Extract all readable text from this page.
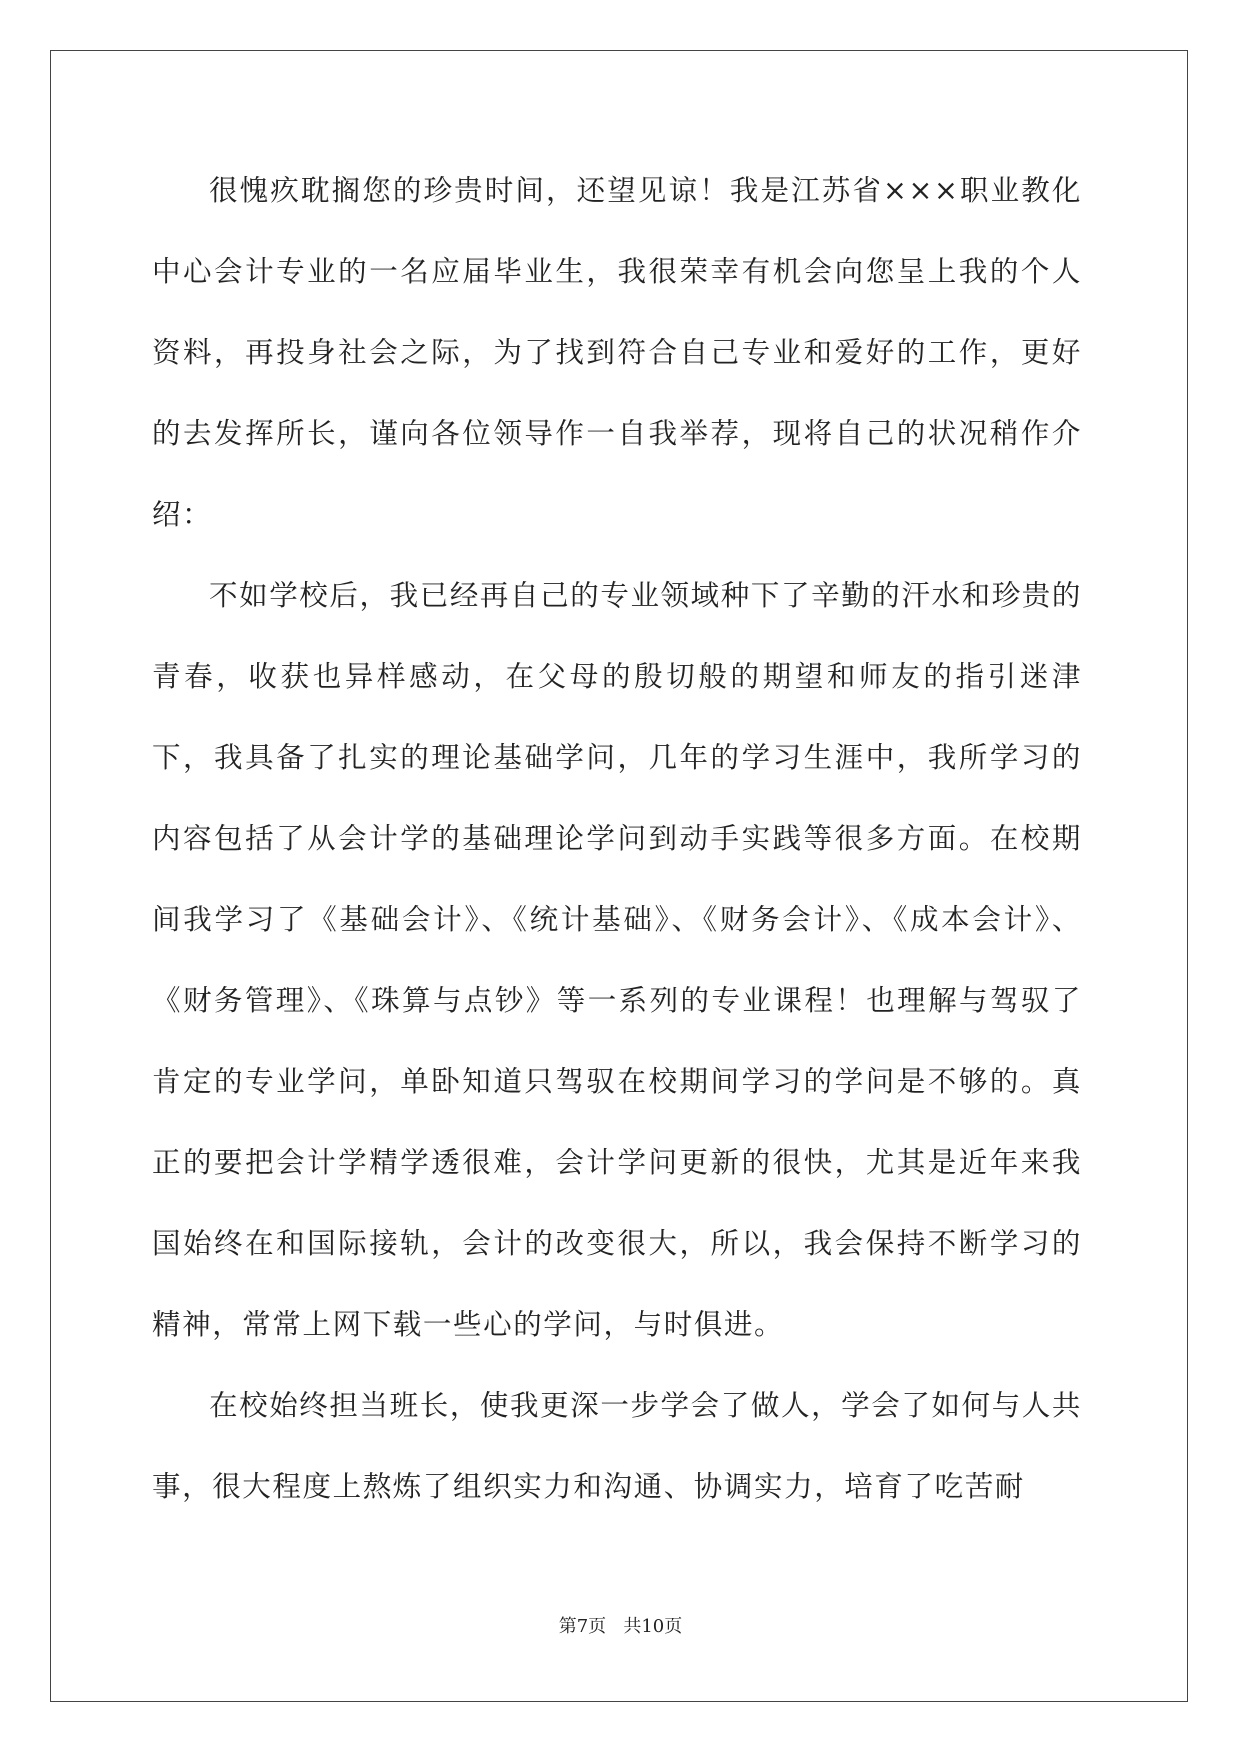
很愧疚耽搁您的珍贵时间，还望见谅！我是江苏省×××职业教化中心会计专业的一名应届毕业生，我很荣幸有机会向您呈上我的个人资料，再投身社会之际，为了找到符合自己专业和爱好的工作，更好的去发挥所长，谨向各位领导作一自我举荐，现将自己的状况稍作介绍：

不如学校后，我已经再自己的专业领域种下了辛勤的汗水和珍贵的青春，收获也异样感动，在父母的殷切般的期望和师友的指引迷津下，我具备了扎实的理论基础学问，几年的学习生涯中，我所学习的内容包括了从会计学的基础理论学问到动手实践等很多方面。在校期间我学习了《基础会计》、《统计基础》、《财务会计》、《成本会计》、《财务管理》、《珠算与点钞》等一系列的专业课程！也理解与驾驭了肯定的专业学问，单卧知道只驾驭在校期间学习的学问是不够的。真正的要把会计学精学透很难，会计学问更新的很快，尤其是近年来我国始终在和国际接轨，会计的改变很大，所以，我会保持不断学习的精神，常常上网下载一些心的学问，与时俱进。

在校始终担当班长，使我更深一步学会了做人，学会了如何与人共事，很大程度上熬炼了组织实力和沟通、协调实力，培育了吃苦耐

第7页   共10页
